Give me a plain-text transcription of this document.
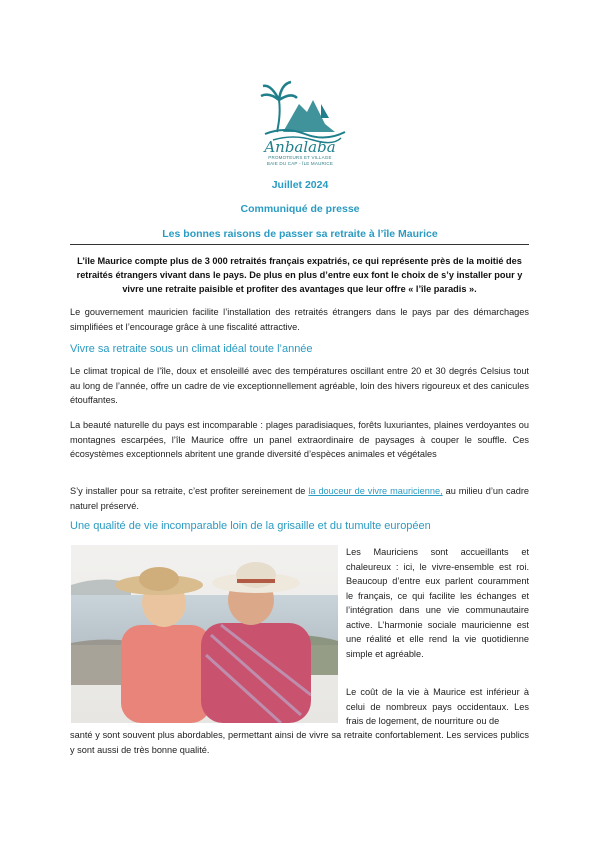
Anbalaba
PROMOTEURS ET VILLAGE
BAIE DU CAP - ÎLE MAURICE
Juillet 2024
Communiqué de presse
Les bonnes raisons de passer sa retraite à l’île Maurice
L’île Maurice compte plus de 3 000 retraités français expatriés, ce qui représente près de la moitié des retraités étrangers vivant dans le pays. De plus en plus d’entre eux font le choix de s’y installer pour y vivre une retraite paisible et profiter des avantages que leur offre « l’île paradis ».
Le gouvernement mauricien facilite l’installation des retraités étrangers dans le pays par des démarchages simplifiées et l’encourage grâce à une fiscalité attractive.
Vivre sa retraite sous un climat idéal toute l’année
Le climat tropical de l’île, doux et ensoleillé avec des températures oscillant entre 20 et 30 degrés Celsius tout au long de l’année, offre un cadre de vie exceptionnellement agréable, loin des hivers rigoureux et des canicules étouffantes.
La beauté naturelle du pays est incomparable : plages paradisiaques, forêts luxuriantes, plaines verdoyantes ou montagnes escarpées, l’île Maurice offre un panel extraordinaire de paysages à couper le souffle. Ces écosystèmes exceptionnels abritent une grande diversité d’espèces animales et végétales
S’y installer pour sa retraite, c’est profiter sereinement de la douceur de vivre mauricienne, au milieu d’un cadre naturel préservé.
Une qualité de vie incomparable loin de la grisaille et du tumulte européen
Les Mauriciens sont accueillants et chaleureux : ici, le vivre-ensemble est roi. Beaucoup d’entre eux parlent couramment le français, ce qui facilite les échanges et l’intégration dans une vie communautaire active. L’harmonie sociale mauricienne est une réalité et elle rend la vie quotidienne simple et agréable.
Le coût de la vie à Maurice est inférieur à celui de nombreux pays occidentaux. Les frais de logement, de nourriture ou de
santé y sont souvent plus abordables, permettant ainsi de vivre sa retraite confortablement. Les services publics y sont aussi de très bonne qualité.
